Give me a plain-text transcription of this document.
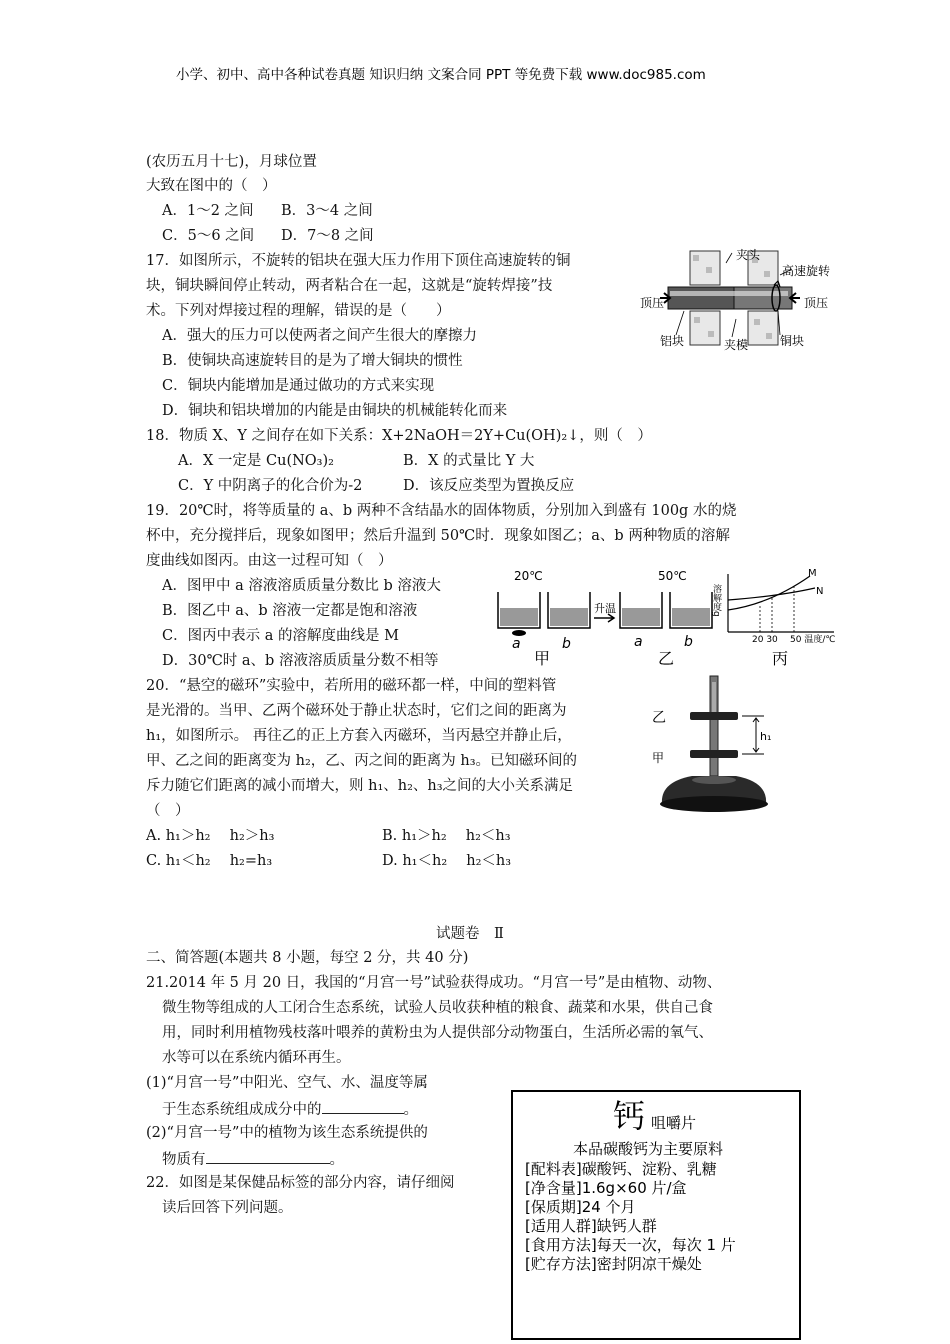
小学、初中、高中各种试卷真题 知识归纳 文案合同 PPT 等免费下载 www.doc985.com
(农历五月十七)，月球位置
大致在图中的（　）
A．1～2 之间 B．3～4 之间
C．5～6 之间 D．7～8 之间
17．如图所示，不旋转的铝块在强大压力作用下顶住高速旋转的铜
块，铜块瞬间停止转动，两者粘合在一起，这就是“旋转焊接”技
术。下列对焊接过程的理解，错误的是（　　）
A．强大的压力可以使两者之间产生很大的摩擦力
B．使铜块高速旋转目的是为了增大铜块的惯性
C．铜块内能增加是通过做功的方式来实现
D．铜块和铝块增加的内能是由铜块的机械能转化而来
夹头
高速旋转
顶压	顶压
铝块	夹模	铜块
18．物质 X、Y 之间存在如下关系：X+2NaOH＝2Y+Cu(OH)₂↓，则（　）
A．X 一定是 Cu(NO₃)₂	B．X 的式量比 Y 大
C．Y 中阴离子的化合价为-2	D．该反应类型为置换反应
19．20℃时，将等质量的 a、b 两种不含结晶水的固体物质，分别加入到盛有 100g 水的烧
杯中，充分搅拌后，现象如图甲；然后升温到 50℃时．现象如图乙；a、b 两种物质的溶解
度曲线如图丙。由这一过程可知（　）
A．图甲中 a 溶液溶质质量分数比 b 溶液大
B．图乙中 a、b 溶液一定都是饱和溶液
C．图丙中表示 a 的溶解度曲线是 M
D．30℃时 a、b 溶液溶质质量分数不相等
20℃	50℃
升温
a	b	a	b
甲	乙	丙
溶解度g
M
N
20 30 50 温度/℃
20．“悬空的磁环”实验中，若所用的磁环都一样，中间的塑料管
是光滑的。当甲、乙两个磁环处于静止状态时，它们之间的距离为
h₁，如图所示。 再往乙的正上方套入丙磁环，当丙悬空并静止后，
甲、乙之间的距离变为 h₂，乙、丙之间的距离为 h₃。已知磁环间的
斥力随它们距离的减小而增大，则 h₁、h₂、h₃之间的大小关系满足
（　）
A. h₁＞h₂　 h₂＞h₃	B. h₁＞h₂　 h₂＜h₃
C. h₁＜h₂　 h₂=h₃	D. h₁＜h₂　 h₂＜h₃
乙
甲
h₁
试题卷　Ⅱ
二、简答题(本题共 8 小题，每空 2 分，共 40 分)
21.2014 年 5 月 20 日，我国的“月宫一号”试验获得成功。“月宫一号”是由植物、动物、
微生物等组成的人工闭合生态系统，试验人员收获种植的粮食、蔬菜和水果，供自己食
用，同时利用植物残枝落叶喂养的黄粉虫为人提供部分动物蛋白，生活所必需的氧气、
水等可以在系统内循环再生。
(1)“月宫一号”中阳光、空气、水、温度等属
于生态系统组成成分中的	。
(2)“月宫一号”中的植物为该生态系统提供的
物质有	。
22．如图是某保健品标签的部分内容，请仔细阅
读后回答下列问题。
钙 咀嚼片
本品碳酸钙为主要原料
[配料表]碳酸钙、淀粉、乳糖
[净含量]1.6g×60 片/盒
[保质期]24 个月
[适用人群]缺钙人群
[食用方法]每天一次，每次 1 片
[贮存方法]密封阴凉干燥处
